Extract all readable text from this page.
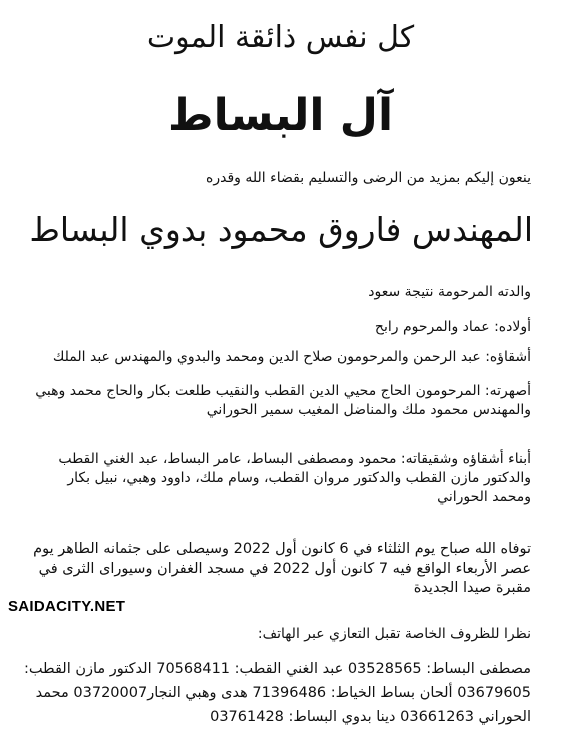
كل نفس ذائقة الموت
آل البساط
ينعون إليكم بمزيد من الرضى والتسليم بقضاء الله وقدره
المهندس فاروق محمود بدوي البساط
والدته المرحومة نتيجة سعود
أولاده: عماد والمرحوم رابح
أشقاؤه: عبد الرحمن والمرحومون صلاح الدين ومحمد والبدوي والمهندس عبد الملك
أصهرته: المرحومون الحاج محيي الدين القطب والنقيب طلعت بكار والحاج محمد وهبي
والمهندس محمود ملك والمناضل المغيب سمير الحوراني
أبناء أشقاؤه وشقيقاته: محمود ومصطفى البساط، عامر البساط، عبد الغني القطب
والدكتور مازن القطب والدكتور مروان القطب، وسام ملك، داوود وهبي، نبيل بكار
ومحمد الحوراني
توفاه الله صباح يوم الثلثاء في 6 كانون أول 2022 وسيصلى على جثمانه الطاهر يوم
عصر الأربعاء الواقع فيه 7 كانون أول 2022 في مسجد الغفران وسيوراى الثرى في
مقبرة صيدا الجديدة
نظرا للظروف الخاصة تقبل التعازي عبر الهاتف:
مصطفى البساط: 03528565 عبد الغني القطب: 70568411 الدكتور مازن القطب:
03679605 ألحان بساط الخياط: 71396486 هدى وهبي النجار03720007 محمد
الحوراني 03661263 دينا بدوي البساط: 03761428
SAIDACITY.NET
